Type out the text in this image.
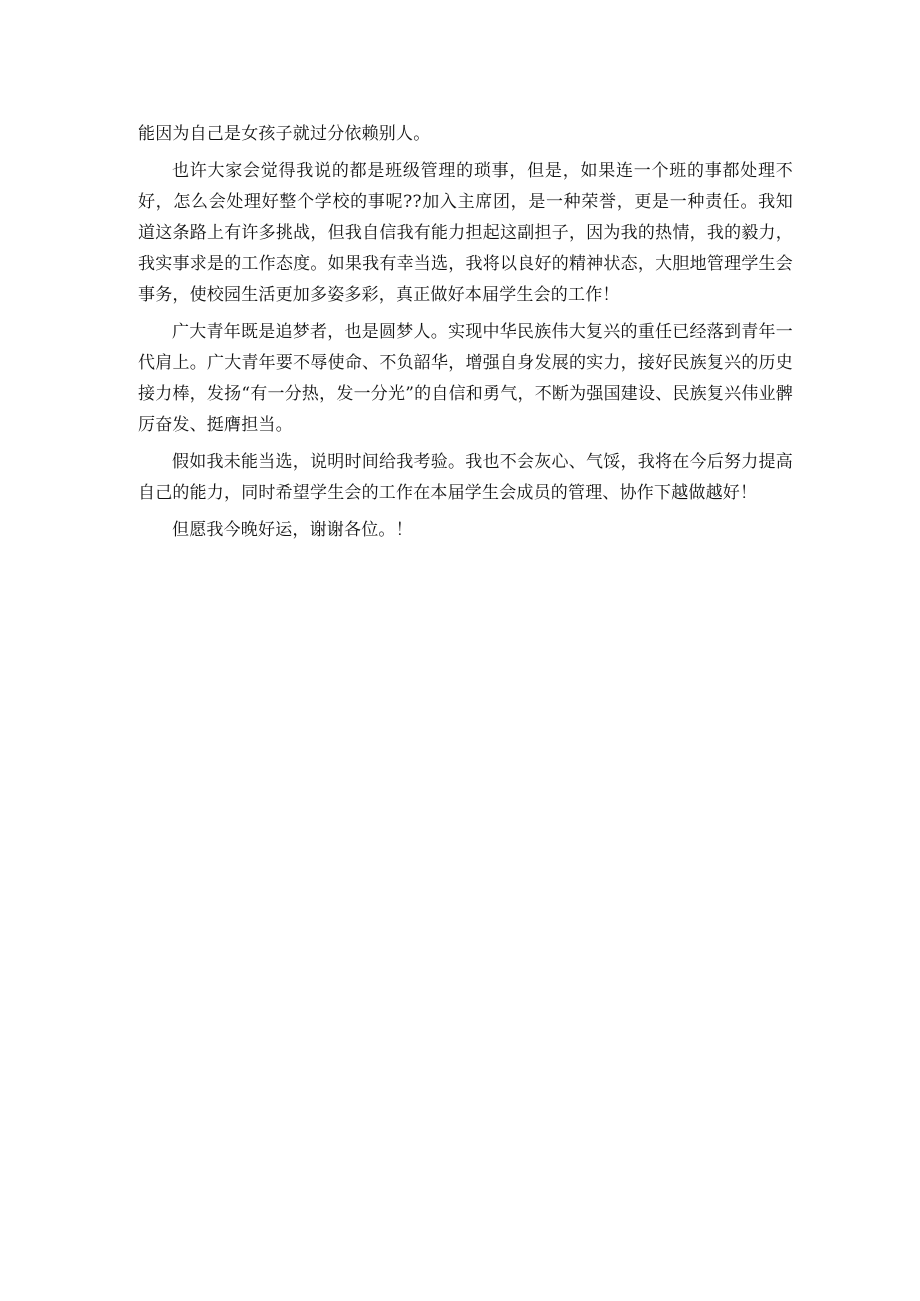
能因为自己是女孩子就过分依赖别人。

也许大家会觉得我说的都是班级管理的琐事，但是，如果连一个班的事都处理不好，怎么会处理好整个学校的事呢??加入主席团，是一种荣誉，更是一种责任。我知道这条路上有许多挑战，但我自信我有能力担起这副担子，因为我的热情，我的毅力，我实事求是的工作态度。如果我有幸当选，我将以良好的精神状态，大胆地管理学生会事务，使校园生活更加多姿多彩，真正做好本届学生会的工作！

广大青年既是追梦者，也是圆梦人。实现中华民族伟大复兴的重任已经落到青年一代肩上。广大青年要不辱使命、不负韶华，增强自身发展的实力，接好民族复兴的历史接力棒，发扬“有一分热，发一分光”的自信和勇气，不断为强国建设、民族复兴伟业髀厉奋发、挺膺担当。

假如我未能当选，说明时间给我考验。我也不会灰心、气馁，我将在今后努力提高自己的能力，同时希望学生会的工作在本届学生会成员的管理、协作下越做越好！

但愿我今晚好运，谢谢各位。！
